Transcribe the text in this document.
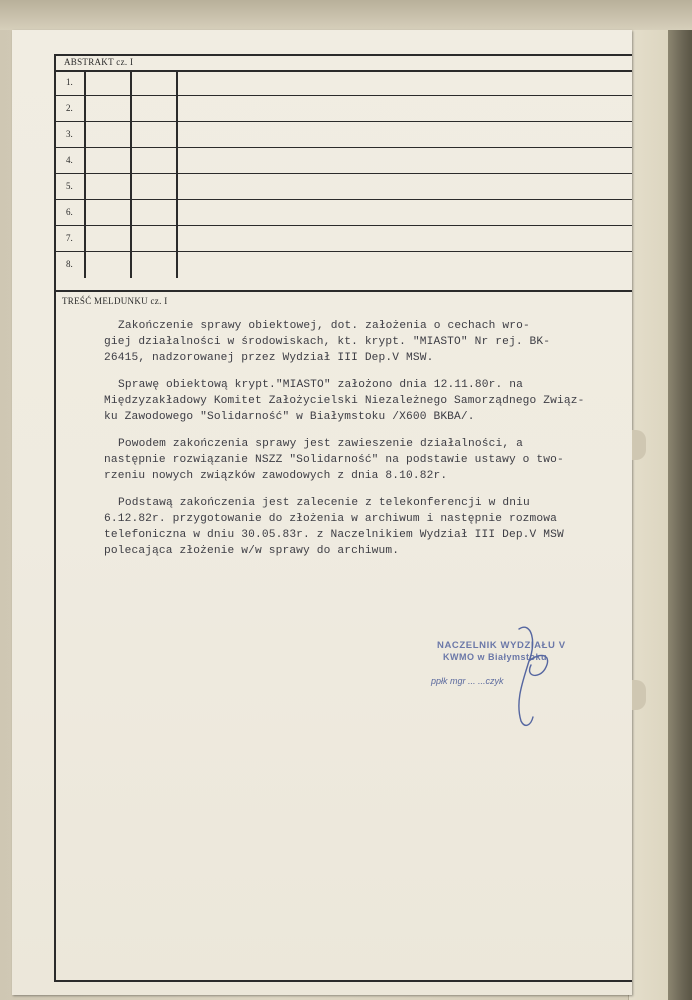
ABSTRAKT cz. I
1.
2.
3.
4.
5.
6.
7.
8.
TREŚĆ MELDUNKU cz. I

Zakończenie sprawy obiektowej, dot. założenia o cechach wro-
giej działalności w środowiskach, kt. krypt. "MIASTO" Nr rej. BK-
26415, nadzorowanej przez Wydział III Dep.V MSW.

Sprawę obiektową krypt."MIASTO" założono dnia 12.11.80r. na
Międzyzakładowy Komitet Założycielski Niezależnego Samorządnego Związ-
ku Zawodowego "Solidarność" w Białymstoku /X600 BKBA/.

Powodem zakończenia sprawy jest zawieszenie działalności, a
następnie rozwiązanie NSZZ "Solidarność" na podstawie ustawy o two-
rzeniu nowych związków zawodowych z dnia 8.10.82r.

Podstawą zakończenia jest zalecenie z telekonferencji w dniu
6.12.82r. przygotowanie do złożenia w archiwum i następnie rozmowa
telefoniczna w dniu 30.05.83r. z Naczelnikiem Wydział III Dep.V MSW
polecająca złożenie w/w sprawy do archiwum.

NACZELNIK WYDZIAŁU V
KWMO w Białymstoku
ppłk mgr ... ...czyk
